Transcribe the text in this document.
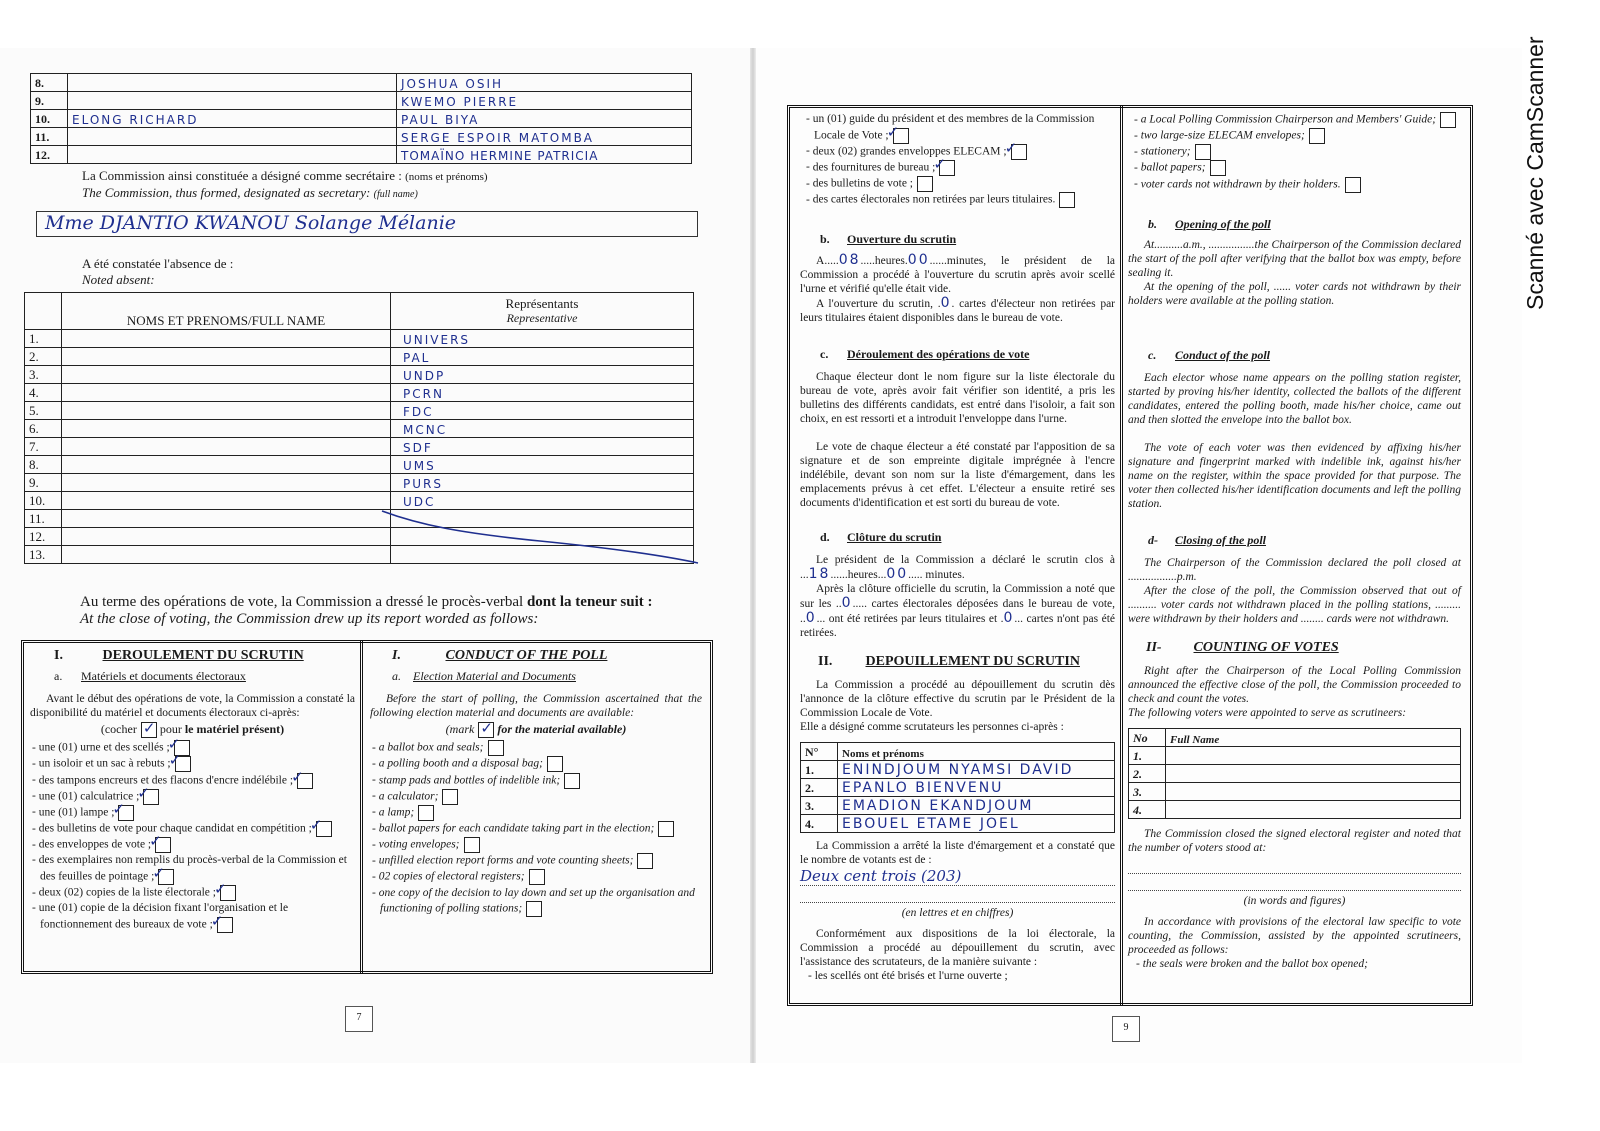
8.		JOSHUA OSIH
9.		KWEMO PIERRE
10.	ELONG RICHARD	PAUL BIYA
11.		SERGE ESPOIR MATOMBA
12.		TOMAÏNO HERMINE PATRICIA
La Commission ainsi constituée a désigné comme secrétaire : (noms et prénoms)
The Commission, thus formed, designated as secretary: (full name)
Mme DJANTIO KWANOU Solange Mélanie
A été constatée l'absence de :
Noted absent:
	NOMS ET PRENOMS/FULL NAME	Représentants
Representative

1.		UNIVERS
2.		PAL
3.		UNDP
4.		PCRN
5.		FDC
6.		MCNC
7.		SDF
8.		UMS
9.		PURS
10.		UDC
11.		
12.		
13.		
Au terme des opérations de vote, la Commission a dressé le procès-verbal dont la teneur suit :
At the close of voting, the Commission drew up its report worded as follows:
I.	DEROULEMENT DU SCRUTIN
a. Matériels et documents électoraux
Avant le début des opérations de vote, la Commission a constaté la disponibilité du matériel et documents électoraux ci-après:
(cocher ✓ pour le matériel présent)
- une (01) urne et des scellés ;✓
- un isoloir et un sac à rebuts ;✓
- des tampons encreurs et des flacons d'encre indélébile ;✓
- une (01) calculatrice ;✓
- une (01) lampe ;✓
- des bulletins de vote pour chaque candidat en compétition ;✓
- des enveloppes de vote ;✓
- des exemplaires non remplis du procès-verbal de la Commission et des feuilles de pointage ;✓
- deux (02) copies de la liste électorale ;✓
- une (01) copie de la décision fixant l'organisation et le fonctionnement des bureaux de vote ;✓
I.	CONDUCT OF THE POLL
a. Election Material and Documents
Before the start of polling, the Commission ascertained that the following election material and documents are available:
(mark ✓ for the material available)
- a ballot box and seals;
- a polling booth and a disposal bag;
- stamp pads and bottles of indelible ink;
- a calculator;
- a lamp;
- ballot papers for each candidate taking part in the election;
- voting envelopes;
- unfilled election report forms and vote counting sheets;
- 02 copies of electoral registers;
- one copy of the decision to lay down and set up the organisation and functioning of polling stations;
7
- un (01) guide du président et des membres de la Commission Locale de Vote ;✓
- deux (02) grandes enveloppes ELECAM ;✓
- des fournitures de bureau ;✓
- des bulletins de vote ;
- des cartes électorales non retirées par leurs titulaires.
b. Ouverture du scrutin
A.....08.....heures.00......minutes, le président de la Commission a procédé à l'ouverture du scrutin après avoir scellé l'urne et vérifié qu'elle était vide.
A l'ouverture du scrutin, .0. cartes d'électeur non retirées par leurs titulaires étaient disponibles dans le bureau de vote.
c. Déroulement des opérations de vote
Chaque électeur dont le nom figure sur la liste électorale du bureau de vote, après avoir fait vérifier son identité, a pris les bulletins des différents candidats, est entré dans l'isoloir, a fait son choix, en est ressorti et a introduit l'enveloppe dans l'urne.
Le vote de chaque électeur a été constaté par l'apposition de sa signature et de son empreinte digitale imprégnée à l'encre indélébile, devant son nom sur la liste d'émargement, dans les emplacements prévus à cet effet. L'électeur a ensuite retiré ses documents d'identification et est sorti du bureau de vote.
d. Clôture du scrutin
Le président de la Commission a déclaré le scrutin clos à ...18......heures...00..... minutes.
Après la clôture officielle du scrutin, la Commission a noté que sur les ..0..... cartes électorales déposées dans le bureau de vote, ..0... ont été retirées par leurs titulaires et .0... cartes n'ont pas été retirées.
II. DEPOUILLEMENT DU SCRUTIN
La Commission a procédé au dépouillement du scrutin dès l'annonce de la clôture effective du scrutin par le Président de la Commission Locale de Vote.
Elle a désigné comme scrutateurs les personnes ci-après :
N°	Noms et prénoms
1.	ENINDJOUM NYAMSI DAVID
2.	EPANLO BIENVENU
3.	EMADION EKANDJOUM
4.	EBOUEL ETAME JOEL
La Commission a arrêté la liste d'émargement et a constaté que le nombre de votants est de :
Deux cent trois (203)
(en lettres et en chiffres)
Conformément aux dispositions de la loi électorale, la Commission a procédé au dépouillement du scrutin, avec l'assistance des scrutateurs, de la manière suivante :
- les scellés ont été brisés et l'urne ouverte ;
- a Local Polling Commission Chairperson and Members' Guide;
- two large-size ELECAM envelopes;
- stationery;
- ballot papers;
- voter cards not withdrawn by their holders.
b. Opening of the poll
At..........a.m., ................the Chairperson of the Commission declared the start of the poll after verifying that the ballot box was empty, before sealing it.
At the opening of the poll, ...... voter cards not withdrawn by their holders were available at the polling station.
c. Conduct of the poll
Each elector whose name appears on the polling station register, started by proving his/her identity, collected the ballots of the different candidates, entered the polling booth, made his/her choice, came out and then slotted the envelope into the ballot box.
The vote of each voter was then evidenced by affixing his/her signature and fingerprint marked with indelible ink, against his/her name on the register, within the space provided for that purpose. The voter then collected his/her identification documents and left the polling station.
d- Closing of the poll
The Chairperson of the Commission declared the poll closed at .................p.m.
After the close of the poll, the Commission observed that out of .......... voter cards not withdrawn placed in the polling stations, ......... were withdrawn by their holders and ........ cards were not withdrawn.
II- COUNTING OF VOTES
Right after the Chairperson of the Local Polling Commission announced the effective close of the poll, the Commission proceeded to check and count the votes.
The following voters were appointed to serve as scrutineers:
No	Full Name
1.	
2.	
3.	
4.	
The Commission closed the signed electoral register and noted that the number of voters stood at:
(in words and figures)
In accordance with provisions of the electoral law specific to vote counting, the Commission, assisted by the appointed scrutineers, proceeded as follows:
- the seals were broken and the ballot box opened;
9
Scanné avec CamScanner
